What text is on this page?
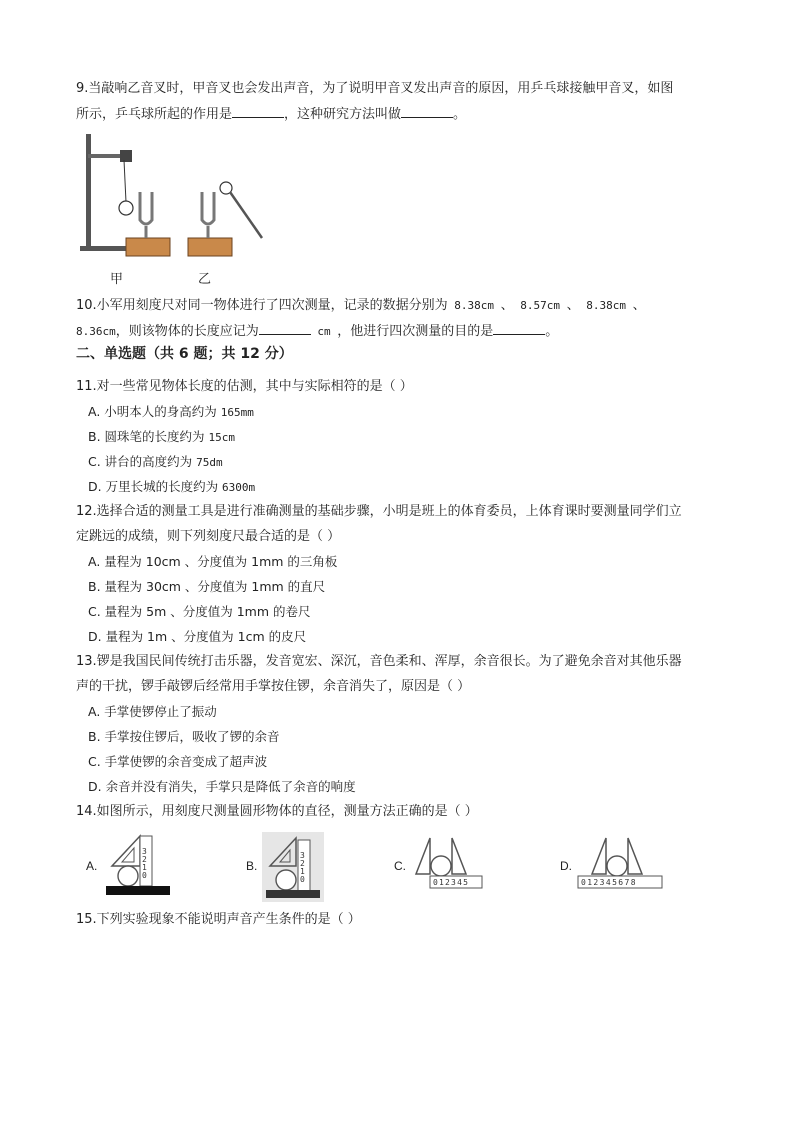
9.当敲响乙音叉时，甲音叉也会发出声音，为了说明甲音叉发出声音的原因，用乒乓球接触甲音叉，如图
所示，乒乓球所起的作用是	，这种研究方法叫做	。
甲	乙
10.小军用刻度尺对同一物体进行了四次测量，记录的数据分别为 8.38cm 、 8.57cm 、 8.38cm 、
8.36cm，则该物体的长度应记为	cm ，他进行四次测量的目的是	。
二、单选题（共 6 题；共 12 分）
11.对一些常见物体长度的估测，其中与实际相符的是（ ）
A. 小明本人的身高约为 165mm
B. 圆珠笔的长度约为 15cm
C. 讲台的高度约为 75dm
D. 万里长城的长度约为 6300m
12.选择合适的测量工具是进行准确测量的基础步骤，小明是班上的体育委员，上体育课时要测量同学们立
定跳远的成绩，则下列刻度尺最合适的是（ ）
A. 量程为 10cm 、分度值为 1mm 的三角板
B. 量程为 30cm 、分度值为 1mm 的直尺
C. 量程为 5m 、分度值为 1mm 的卷尺
D. 量程为 1m 、分度值为 1cm 的皮尺
13.锣是我国民间传统打击乐器，发音宽宏、深沉，音色柔和、浑厚，余音很长。为了避免余音对其他乐器
声的干扰，锣手敲锣后经常用手掌按住锣，余音消失了，原因是（ ）
A. 手掌使锣停止了振动
B. 手掌按住锣后，吸收了锣的余音
C. 手掌使锣的余音变成了超声波
D. 余音并没有消失，手掌只是降低了余音的响度
14.如图所示，用刻度尺测量圆形物体的直径，测量方法正确的是（ ）
A.
3
2
1
0
B.
3
2
1
0
C.
012345
D.
012345678
15.下列实验现象不能说明声音产生条件的是（ ）
